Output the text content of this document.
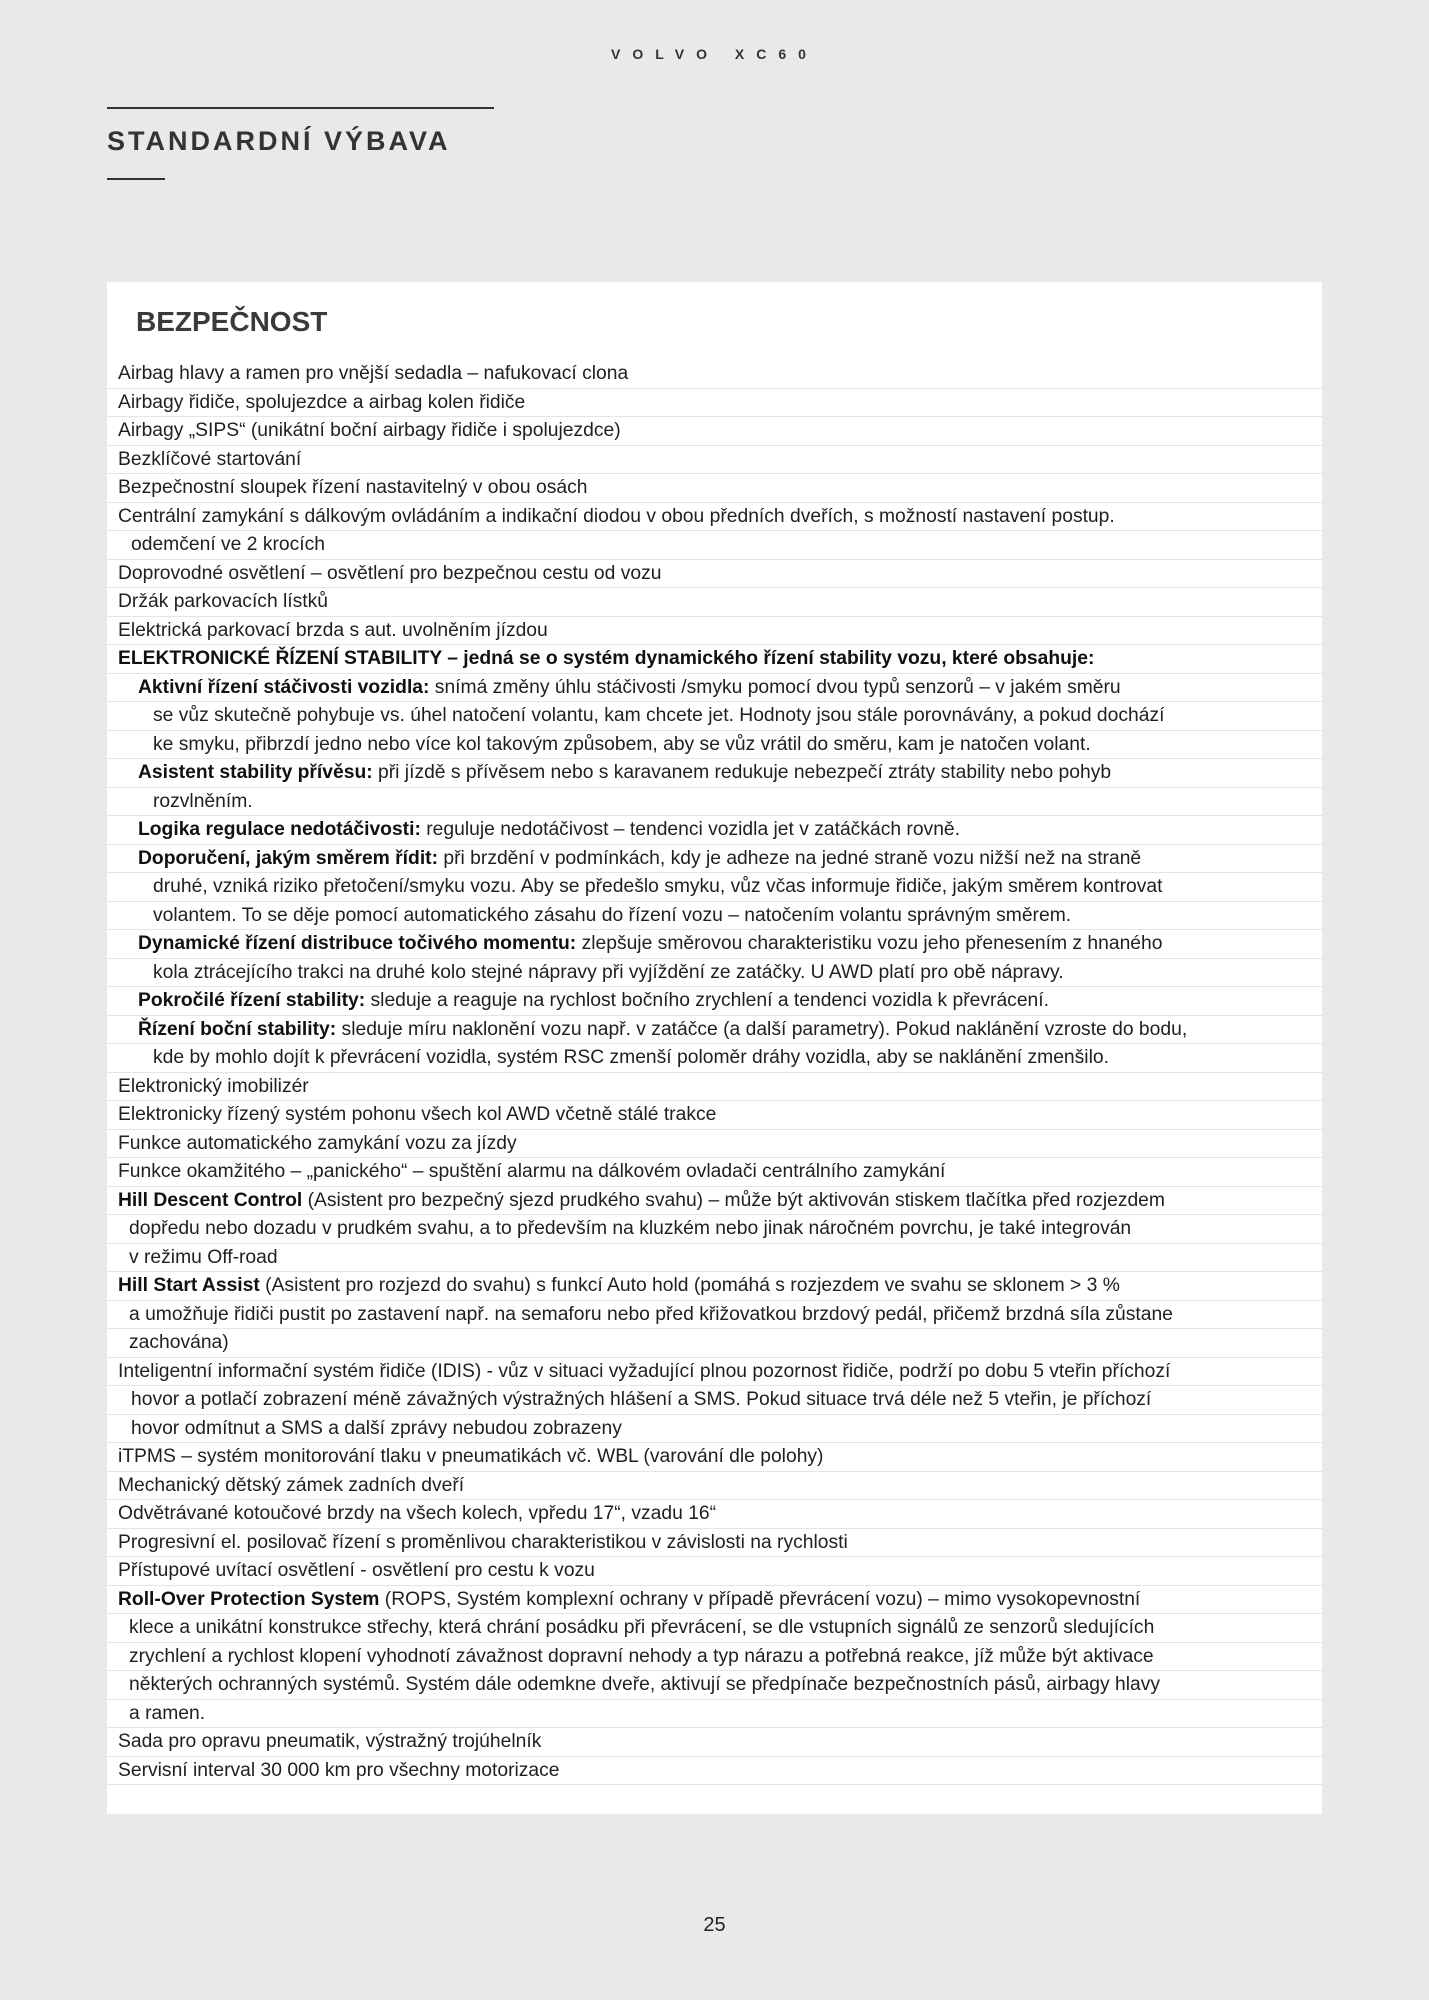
VOLVO XC60
STANDARDNÍ VÝBAVA
BEZPEČNOST
Airbag hlavy a ramen pro vnější sedadla – nafukovací clona
Airbagy řidiče, spolujezdce a airbag kolen řidiče
Airbagy „SIPS“ (unikátní boční airbagy řidiče i spolujezdce)
Bezklíčové startování
Bezpečnostní sloupek řízení nastavitelný v obou osách
Centrální zamykání s dálkovým ovládáním a indikační diodou v obou předních dveřích, s možností nastavení postup.
odemčení ve 2 krocích
Doprovodné osvětlení – osvětlení pro bezpečnou cestu od vozu
Držák parkovacích lístků
Elektrická parkovací brzda s aut. uvolněním jízdou
ELEKTRONICKÉ ŘÍZENÍ STABILITY – jedná se o systém dynamického řízení stability vozu, které obsahuje:
Aktivní řízení stáčivosti vozidla: snímá změny úhlu stáčivosti /smyku pomocí dvou typů senzorů – v jakém směru
se vůz skutečně pohybuje vs. úhel natočení volantu, kam chcete jet. Hodnoty jsou stále porovnávány, a pokud dochází
ke smyku, přibrzdí jedno nebo více kol takovým způsobem, aby se vůz vrátil do směru, kam je natočen volant.
Asistent stability přívěsu: při jízdě s přívěsem nebo s karavanem redukuje nebezpečí ztráty stability nebo pohyb
rozvlněním.
Logika regulace nedotáčivosti: reguluje nedotáčivost – tendenci vozidla jet v zatáčkách rovně.
Doporučení, jakým směrem řídit: při brzdění v podmínkách, kdy je adheze na jedné straně vozu nižší než na straně
druhé, vzniká riziko přetočení/smyku vozu. Aby se předešlo smyku, vůz včas informuje řidiče, jakým směrem kontrovat
volantem. To se děje pomocí automatického zásahu do řízení vozu – natočením volantu správným směrem.
Dynamické řízení distribuce točivého momentu: zlepšuje směrovou charakteristiku vozu jeho přenesením z hnaného
kola ztrácejícího trakci na druhé kolo stejné nápravy při vyjíždění ze zatáčky. U AWD platí pro obě nápravy.
Pokročilé řízení stability: sleduje a reaguje na rychlost bočního zrychlení a tendenci vozidla k převrácení.
Řízení boční stability: sleduje míru naklonění vozu např. v zatáčce (a další parametry). Pokud naklánění vzroste do bodu,
kde by mohlo dojít k převrácení vozidla, systém RSC zmenší poloměr dráhy vozidla, aby se naklánění zmenšilo.
Elektronický imobilizér
Elektronicky řízený systém pohonu všech kol AWD včetně stálé trakce
Funkce automatického zamykání vozu za jízdy
Funkce okamžitého – „panického“ – spuštění alarmu na dálkovém ovladači centrálního zamykání
Hill Descent Control (Asistent pro bezpečný sjezd prudkého svahu) – může být aktivován stiskem tlačítka před rozjezdem
dopředu nebo dozadu v prudkém svahu, a to především na kluzkém nebo jinak náročném povrchu, je také integrován
v režimu Off-road
Hill Start Assist (Asistent pro rozjezd do svahu) s funkcí Auto hold (pomáhá s rozjezdem ve svahu se sklonem > 3 %
a umožňuje řidiči pustit po zastavení např. na semaforu nebo před křižovatkou brzdový pedál, přičemž brzdná síla zůstane
zachována)
Inteligentní informační systém řidiče (IDIS) - vůz v situaci vyžadující plnou pozornost řidiče, podrží po dobu 5 vteřin příchozí
hovor a potlačí zobrazení méně závažných výstražných hlášení a SMS. Pokud situace trvá déle než 5 vteřin, je příchozí
hovor odmítnut a SMS a další zprávy nebudou zobrazeny
iTPMS – systém monitorování tlaku v pneumatikách vč. WBL (varování dle polohy)
Mechanický dětský zámek zadních dveří
Odvětrávané kotoučové brzdy na všech kolech, vpředu 17“, vzadu 16“
Progresivní el. posilovač řízení s proměnlivou charakteristikou v závislosti na rychlosti
Přístupové uvítací osvětlení - osvětlení pro cestu k vozu
Roll-Over Protection System (ROPS, Systém komplexní ochrany v případě převrácení vozu) – mimo vysokopevnostní
klece a unikátní konstrukce střechy, která chrání posádku při převrácení, se dle vstupních signálů ze senzorů sledujících
zrychlení a rychlost klopení vyhodnotí závažnost dopravní nehody a typ nárazu a potřebná reakce, jíž může být aktivace
některých ochranných systémů. Systém dále odemkne dveře, aktivují se předpínače bezpečnostních pásů, airbagy hlavy
a ramen.
Sada pro opravu pneumatik, výstražný trojúhelník
Servisní interval 30 000 km pro všechny motorizace
25
